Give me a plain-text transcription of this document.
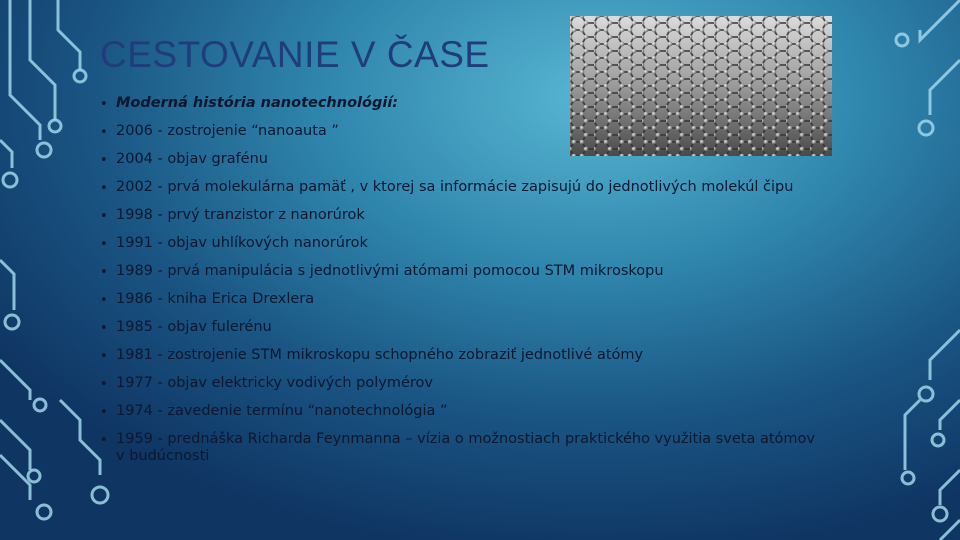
CESTOVANIE V ČASE
• Moderná história nanotechnológií:
• 2006 - zostrojenie “nanoauta ”
• 2004 - objav grafénu
• 2002 - prvá molekulárna pamäť , v ktorej sa informácie zapisujú do jednotlivých molekúl čipu
• 1998 - prvý tranzistor z nanorúrok
• 1991 - objav uhlíkových nanorúrok
• 1989 - prvá manipulácia s jednotlivými atómami pomocou STM mikroskopu
• 1986 - kniha Erica Drexlera
• 1985 - objav fulerénu
• 1981 - zostrojenie STM mikroskopu schopného zobraziť jednotlivé atómy
• 1977 - objav elektricky vodivých polymérov
• 1974 - zavedenie termínu “nanotechnológia ”
• 1959 - prednáška Richarda Feynmanna – vízia o možnostiach praktického využitia sveta atómov v budúcnosti
